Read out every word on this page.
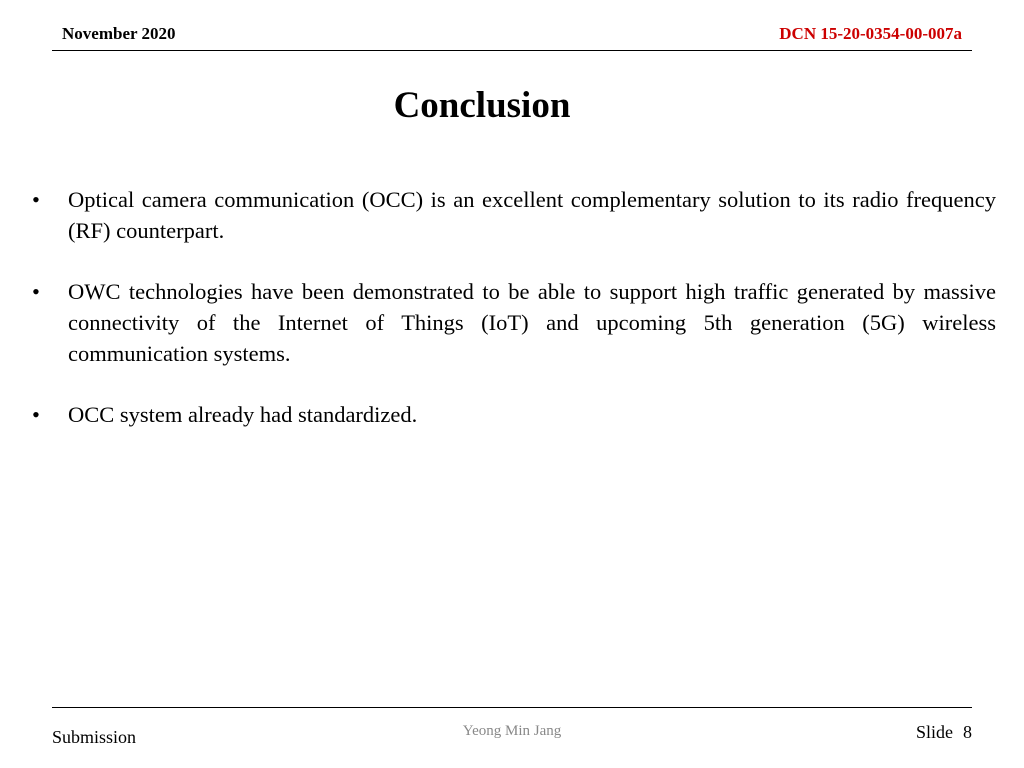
November 2020	DCN 15-20-0354-00-007a
Conclusion
• Optical camera communication (OCC) is an excellent complementary solution to its radio frequency (RF) counterpart.
• OWC technologies have been demonstrated to be able to support high traffic generated by massive connectivity of the Internet of Things (IoT) and upcoming 5th generation (5G) wireless communication systems.
• OCC system already had standardized.
Submission	Yeong Min Jang	Slide 8
